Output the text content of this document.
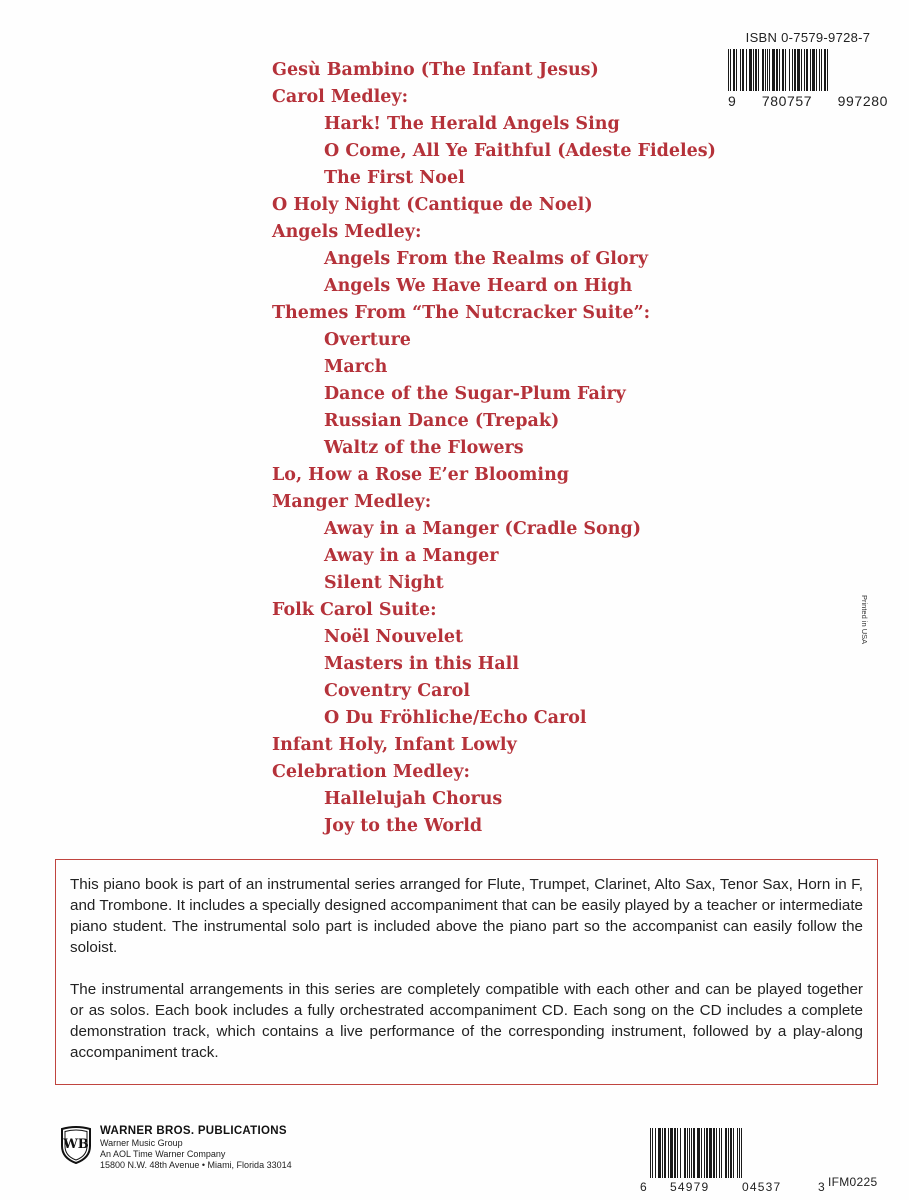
ISBN 0-7579-9728-7
9 780757 997280
Gesù Bambino (The Infant Jesus)
Carol Medley:
Hark! The Herald Angels Sing
O Come, All Ye Faithful (Adeste Fideles)
The First Noel
O Holy Night (Cantique de Noel)
Angels Medley:
Angels From the Realms of Glory
Angels We Have Heard on High
Themes From “The Nutcracker Suite”:
Overture
March
Dance of the Sugar-Plum Fairy
Russian Dance (Trepak)
Waltz of the Flowers
Lo, How a Rose E’er Blooming
Manger Medley:
Away in a Manger (Cradle Song)
Away in a Manger
Silent Night
Folk Carol Suite:
Noël Nouvelet
Masters in this Hall
Coventry Carol
O Du Fröhliche/Echo Carol
Infant Holy, Infant Lowly
Celebration Medley:
Hallelujah Chorus
Joy to the World
Printed in USA

This piano book is part of an instrumental series arranged for Flute, Trumpet, Clarinet, Alto Sax, Tenor Sax, Horn in F, and Trombone. It includes a specially designed accompaniment that can be easily played by a teacher or intermediate piano student. The instrumental solo part is included above the piano part so the accompanist can easily follow the soloist.

The instrumental arrangements in this series are completely compatible with each other and can be played together or as solos. Each book includes a fully orchestrated accompaniment CD. Each song on the CD includes a complete demonstration track, which contains a live performance of the corresponding instrument, followed by a play-along accompaniment track.

WB
WARNER BROS. PUBLICATIONS
Warner Music Group
An AOL Time Warner Company
15800 N.W. 48th Avenue • Miami, Florida 33014
6 54979	04537	3 IFM0225
